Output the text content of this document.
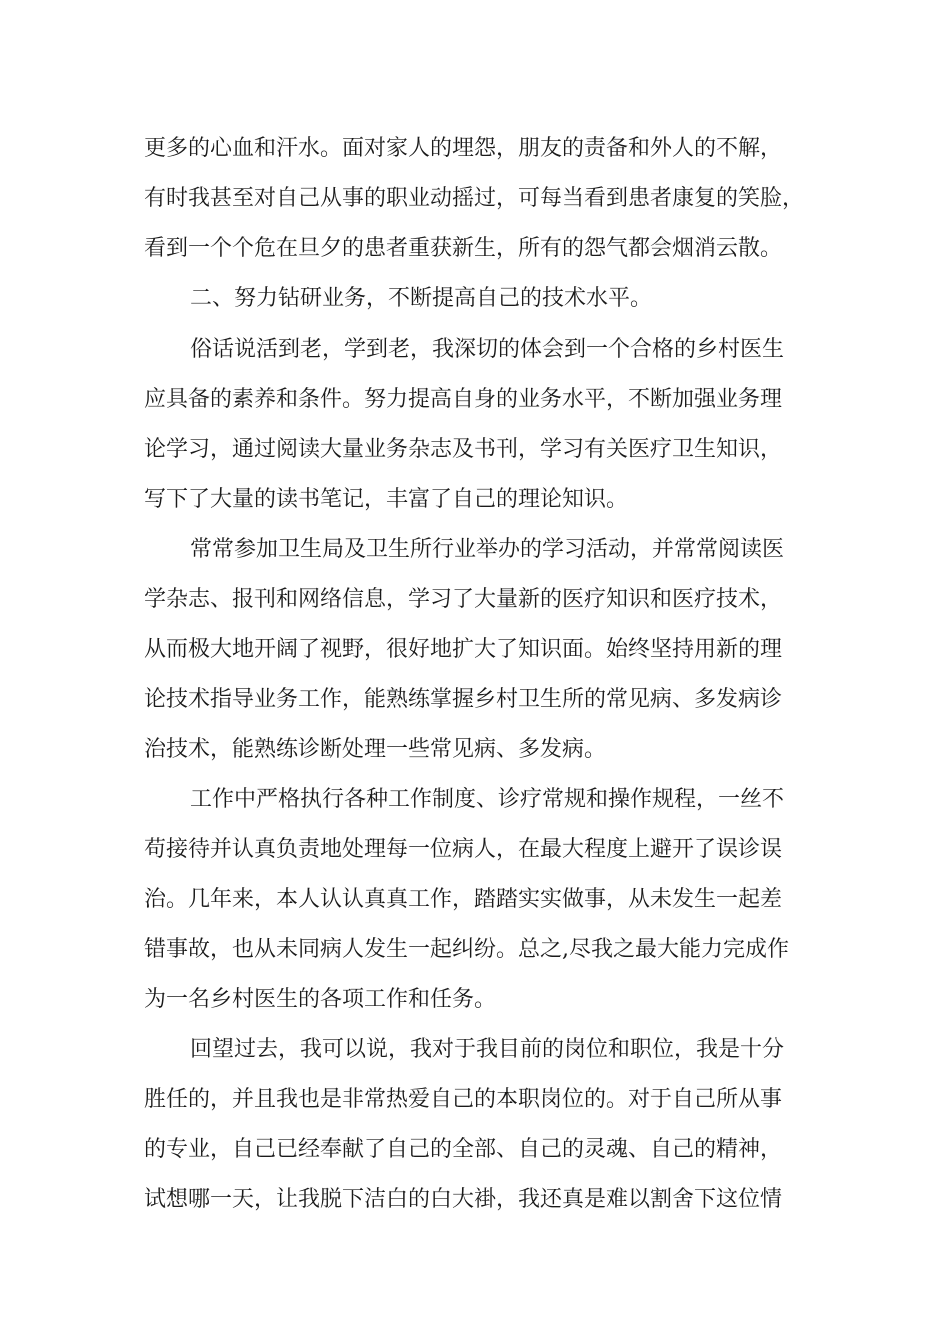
更多的心血和汗水。面对家人的埋怨，朋友的责备和外人的不解，

有时我甚至对自己从事的职业动摇过，可每当看到患者康复的笑脸，

看到一个个危在旦夕的患者重获新生，所有的怨气都会烟消云散。

二、努力钻研业务，不断提高自己的技术水平。

俗话说活到老，学到老，我深切的体会到一个合格的乡村医生

应具备的素养和条件。努力提高自身的业务水平，不断加强业务理

论学习，通过阅读大量业务杂志及书刊，学习有关医疗卫生知识，

写下了大量的读书笔记，丰富了自己的理论知识。

常常参加卫生局及卫生所行业举办的学习活动，并常常阅读医

学杂志、报刊和网络信息，学习了大量新的医疗知识和医疗技术，

从而极大地开阔了视野，很好地扩大了知识面。始终坚持用新的理

论技术指导业务工作，能熟练掌握乡村卫生所的常见病、多发病诊

治技术，能熟练诊断处理一些常见病、多发病。

工作中严格执行各种工作制度、诊疗常规和操作规程，一丝不

苟接待并认真负责地处理每一位病人，在最大程度上避开了误诊误

治。几年来，本人认认真真工作，踏踏实实做事，从未发生一起差

错事故，也从未同病人发生一起纠纷。总之,尽我之最大能力完成作

为一名乡村医生的各项工作和任务。

回望过去，我可以说，我对于我目前的岗位和职位，我是十分

胜任的，并且我也是非常热爱自己的本职岗位的。对于自己所从事

的专业，自己已经奉献了自己的全部、自己的灵魂、自己的精神，

试想哪一天，让我脱下洁白的白大褂，我还真是难以割舍下这位情
